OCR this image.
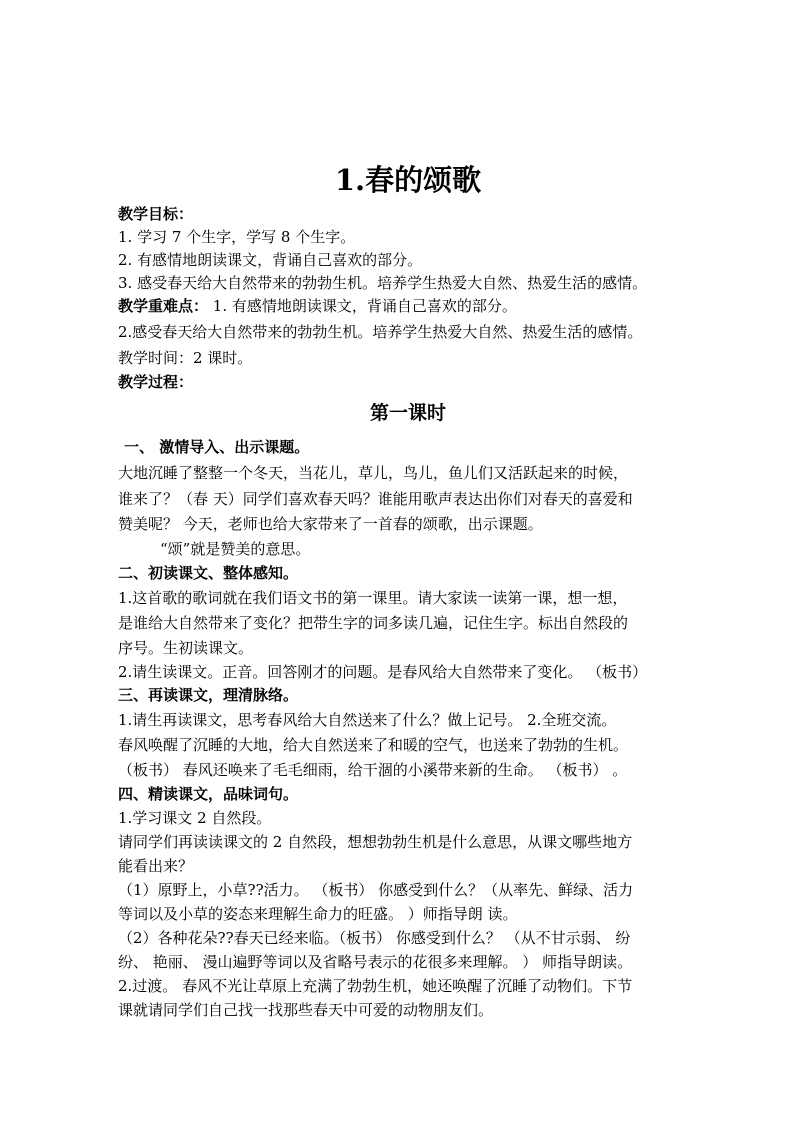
1.春的颂歌

教学目标：

1. 学习 7 个生字，学写 8 个生字。

2. 有感情地朗读课文，背诵自己喜欢的部分。

3. 感受春天给大自然带来的勃勃生机。培养学生热爱大自然、热爱生活的感情。

教学重难点： 1. 有感情地朗读课文，背诵自己喜欢的部分。

2.感受春天给大自然带来的勃勃生机。培养学生热爱大自然、热爱生活的感情。

教学时间：2 课时。

教学过程：

第一课时

一、 激情导入、出示课题。

大地沉睡了整整一个冬天，当花儿，草儿，鸟儿，鱼儿们又活跃起来的时候，

谁来了？（春 天）同学们喜欢春天吗？谁能用歌声表达出你们对春天的喜爱和

赞美呢？ 今天，老师也给大家带来了一首春的颂歌，出示课题。

“颂”就是赞美的意思。

二、初读课文、整体感知。

1.这首歌的歌词就在我们语文书的第一课里。请大家读一读第一课，想一想，

是谁给大自然带来了变化？把带生字的词多读几遍，记住生字。标出自然段的

序号。生初读课文。

2.请生读课文。正音。回答刚才的问题。是春风给大自然带来了变化。 （板书）

三、再读课文，理清脉络。

1.请生再读课文，思考春风给大自然送来了什么？做上记号。 2.全班交流。

春风唤醒了沉睡的大地，给大自然送来了和暖的空气，也送来了勃勃的生机。

（板书） 春风还唤来了毛毛细雨，给干涸的小溪带来新的生命。 （板书） 。

四、精读课文，品味词句。

1.学习课文 2 自然段。

请同学们再读读课文的 2 自然段，想想勃勃生机是什么意思，从课文哪些地方

能看出来？

（1）原野上，小草??活力。 （板书） 你感受到什么？（从率先、鲜绿、活力

等词以及小草的姿态来理解生命力的旺盛。 ）师指导朗 读。

（2）各种花朵??春天已经来临。（板书） 你感受到什么？ （从不甘示弱、 纷

纷、 艳丽、 漫山遍野等词以及省略号表示的花很多来理解。 ） 师指导朗读。

2.过渡。 春风不光让草原上充满了勃勃生机，她还唤醒了沉睡了动物们。下节

课就请同学们自己找一找那些春天中可爱的动物朋友们。
